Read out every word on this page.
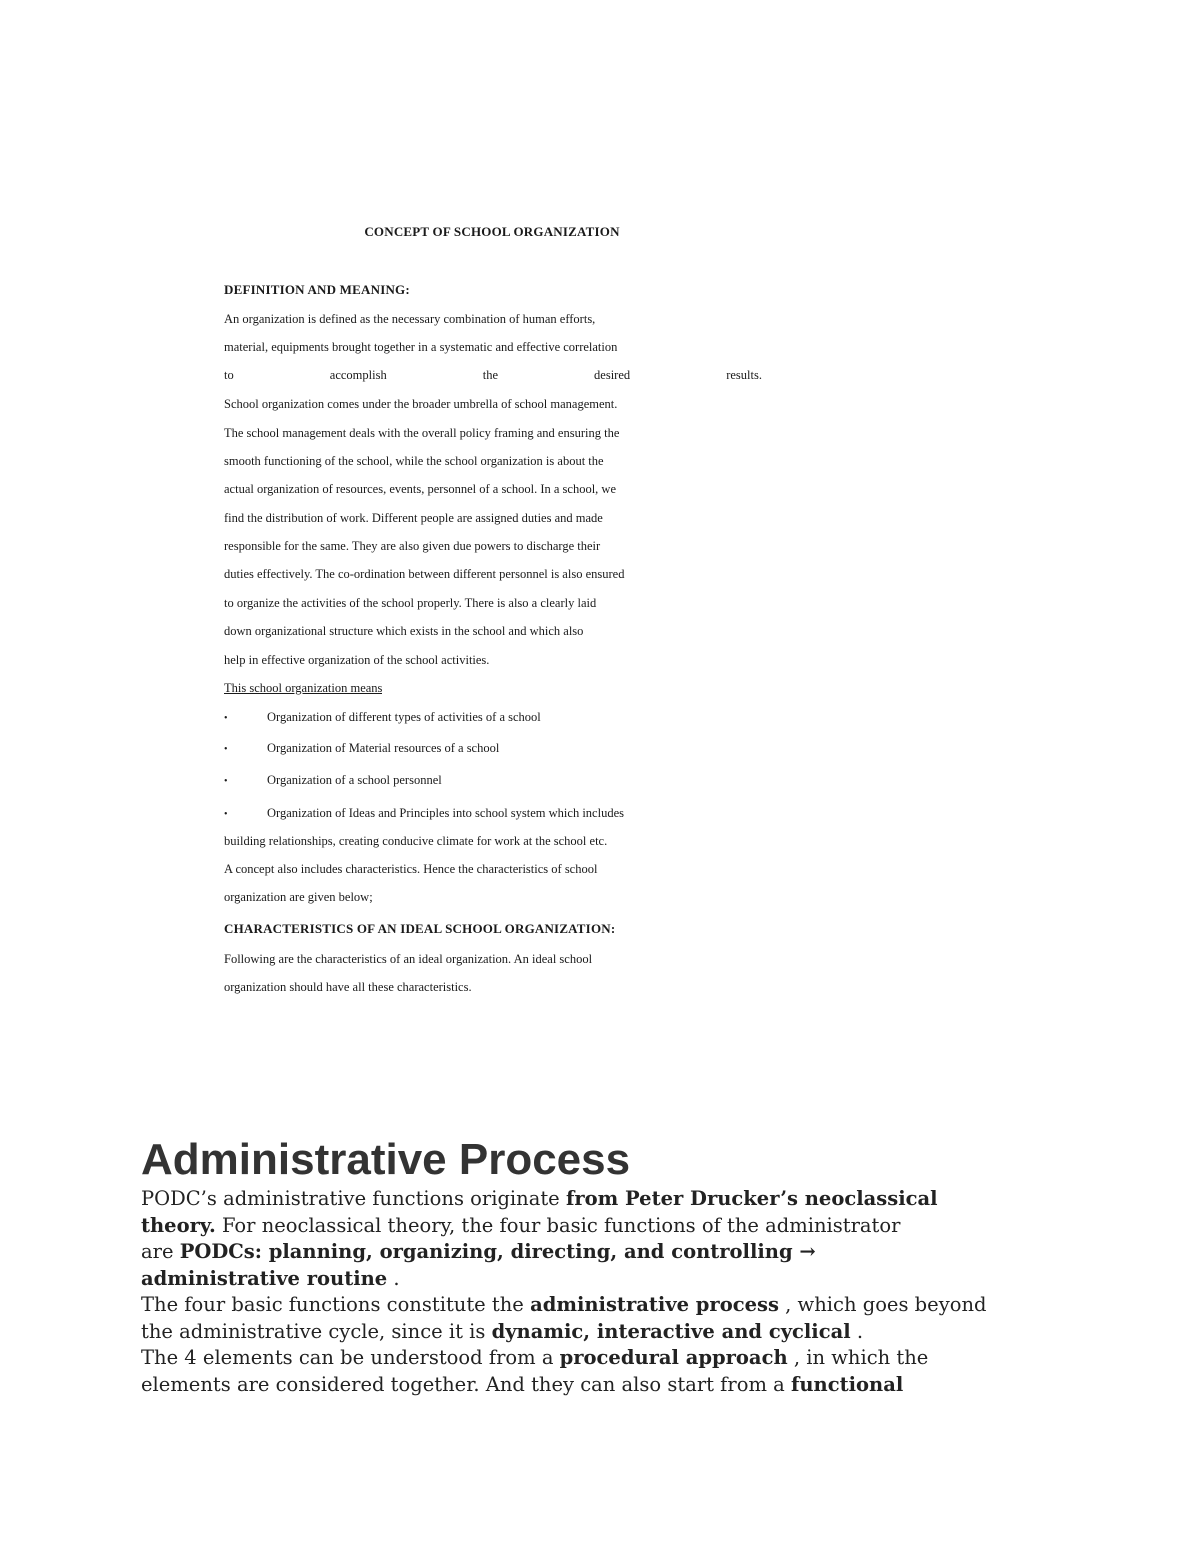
CONCEPT OF SCHOOL ORGANIZATION
DEFINITION AND MEANING:
An organization is defined as the necessary combination of human efforts,
material, equipments brought together in a systematic and effective correlation
to	accomplish	the	desired	results.
School organization comes under the broader umbrella of school management.
The school management deals with the overall policy framing and ensuring the
smooth functioning of the school, while the school organization is about the
actual organization of resources, events, personnel of a school. In a school, we
find the distribution of work. Different people are assigned duties and made
responsible for the same. They are also given due powers to discharge their
duties effectively. The co-ordination between different personnel is also ensured
to organize the activities of the school properly. There is also a clearly laid
down organizational structure which exists in the school and which also
help in effective organization of the school activities.
This school organization means
•	Organization of different types of activities of a school
•	Organization of Material resources of a school
•	Organization of a school personnel
•	Organization of Ideas and Principles into school system which includes
building relationships, creating conducive climate for work at the school etc.
A concept also includes characteristics. Hence the characteristics of school
organization are given below;
CHARACTERISTICS OF AN IDEAL SCHOOL ORGANIZATION:
Following are the characteristics of an ideal organization. An ideal school
organization should have all these characteristics.
Administrative Process
PODC’s administrative functions originate from Peter Drucker’s neoclassical
theory. For neoclassical theory, the four basic functions of the administrator
are PODCs: planning, organizing, directing, and controlling →
administrative routine .
The four basic functions constitute the administrative process , which goes beyond
the administrative cycle, since it is dynamic, interactive and cyclical .
The 4 elements can be understood from a procedural approach , in which the
elements are considered together. And they can also start from a functional
